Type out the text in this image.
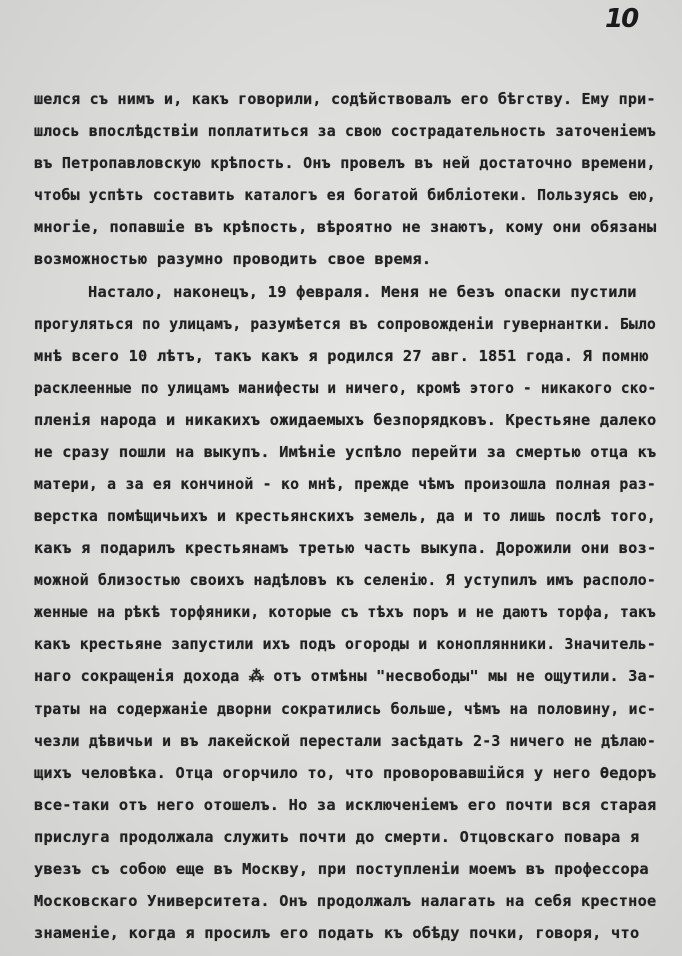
10
шелся съ нимъ и, какъ говорили, содѣйствовалъ его бѣгству. Ему при-
шлось впослѣдствіи поплатиться за свою сострадательность заточеніемъ
въ Петропавловскую крѣпость. Онъ провелъ въ ней достаточно времени,
чтобы успѣть составить каталогъ ея богатой библіотеки. Пользуясь ею,
многіе, попавшіе въ крѣпость, вѣроятно не знаютъ, кому они обязаны
возможностью разумно проводить свое время.
Настало, наконецъ, 19 февраля. Меня не безъ опаски пустили
прогуляться по улицамъ, разумѣется въ сопровожденіи гувернантки. Было
мнѣ всего 10 лѣтъ, такъ какъ я родился 27 авг. 1851 года. Я помню
расклеенные по улицамъ манифесты и ничего, кромѣ этого - никакого ско-
пленія народа и никакихъ ожидаемыхъ безпорядковъ. Крестьяне далеко
не сразу пошли на выкупъ. Имѣніе успѣло перейти за смертью отца къ
матери, а за ея кончиной - ко мнѣ, прежде чѣмъ произошла полная раз-
верстка помѣщичьихъ и крестьянскихъ земель, да и то лишь послѣ того,
какъ я подарилъ крестьянамъ третью часть выкупа. Дорожили они воз-
можной близостью своихъ надѣловъ къ селенію. Я уступилъ имъ располо-
женные на рѣкѣ торфяники, которые съ тѣхъ поръ и не даютъ торфа, такъ
какъ крестьяне запустили ихъ подъ огороды и коноплянники. Значитель-
наго сокращенія дохода ⁂ отъ отмѣны "несвободы" мы не ощутили. За-
траты на содержаніе дворни сократились больше, чѣмъ на половину, ис-
чезли дѣвичьи и въ лакейской перестали засѣдать 2-3 ничего не дѣлаю-
щихъ человѣка. Отца огорчило то, что проворовавшійся у него Ѳедоръ
все-таки отъ него отошелъ. Но за исключеніемъ его почти вся старая
прислуга продолжала служить почти до смерти. Отцовскаго повара я
увезъ съ собою еще въ Москву, при поступленіи моемъ въ профессора
Московскаго Университета. Онъ продолжалъ налагать на себя крестное
знаменіе, когда я просилъ его подать къ обѣду почки, говоря, что
